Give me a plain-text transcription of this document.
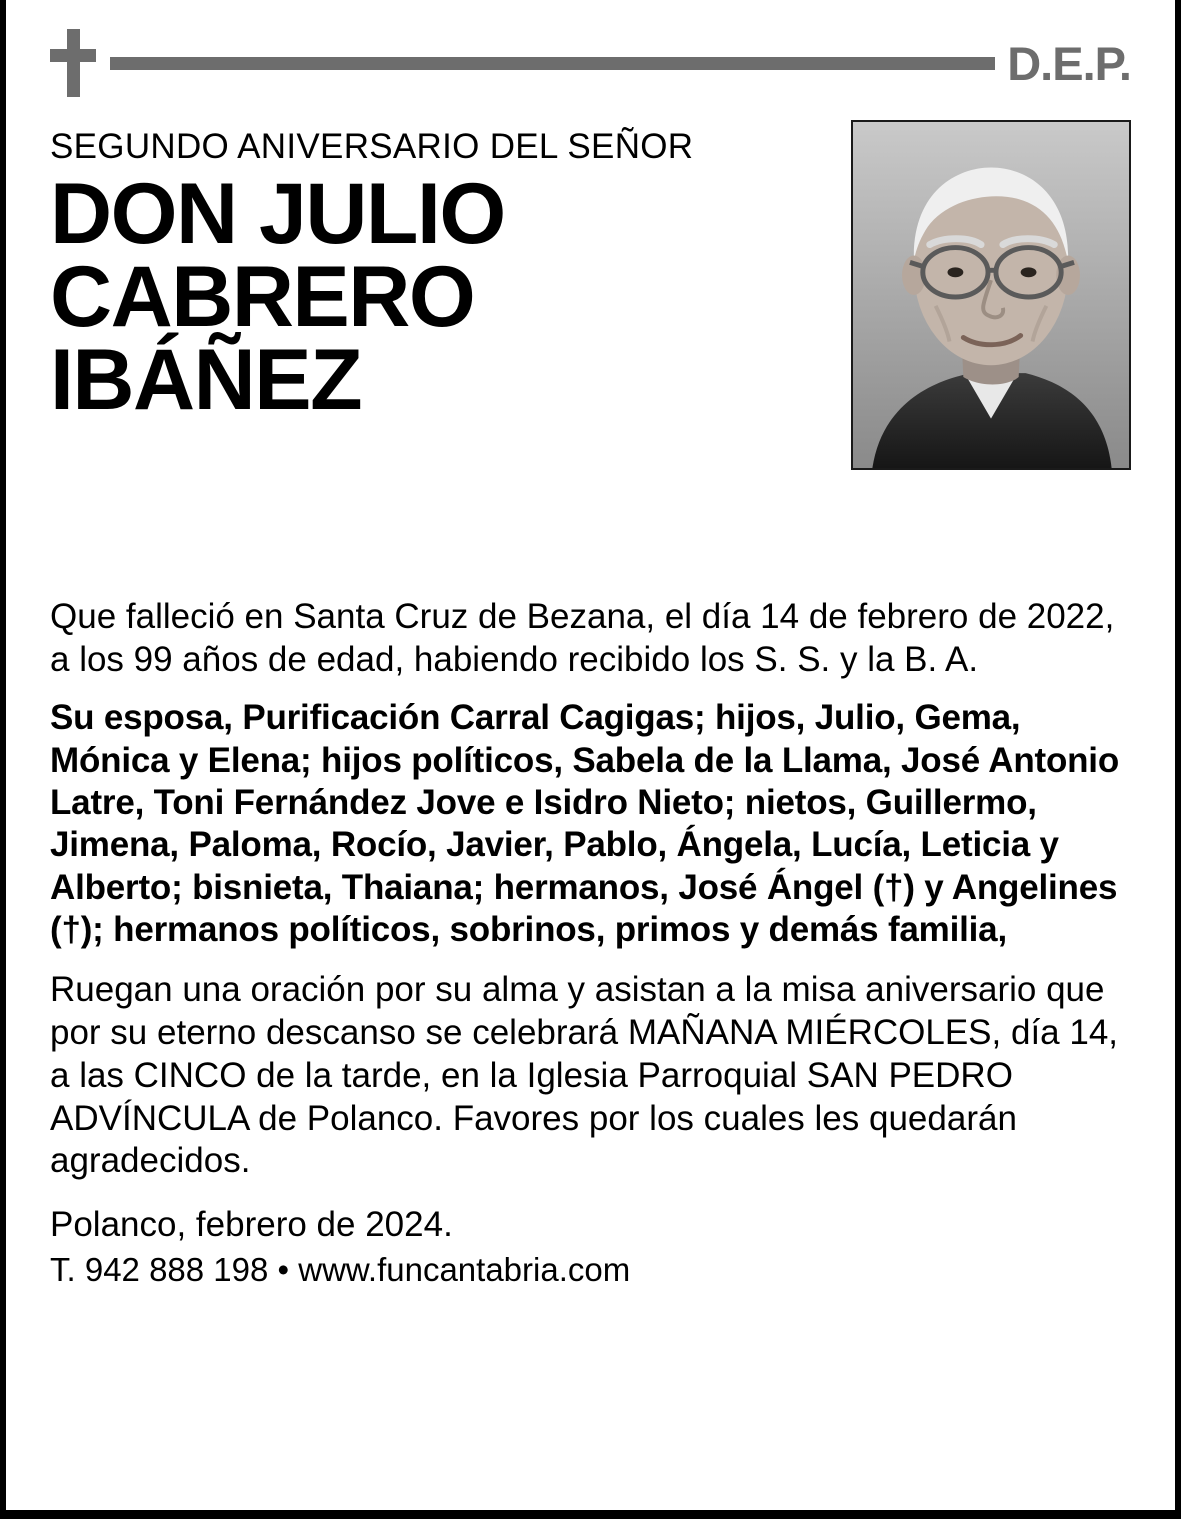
D.E.P.
SEGUNDO ANIVERSARIO DEL SEÑOR
DON JULIO
CABRERO
IBÁÑEZ

Que falleció en Santa Cruz de Bezana, el día 14 de febrero de 2022, a los 99 años de edad, habiendo recibido los S. S. y la B. A.

Su esposa, Purificación Carral Cagigas; hijos, Julio, Gema, Mónica y Elena; hijos políticos, Sabela de la Llama, José Antonio Latre, Toni Fernández Jove e Isidro Nieto; nietos, Guillermo, Jimena, Paloma, Rocío, Javier, Pablo, Ángela, Lucía, Leticia y Alberto; bisnieta, Thaiana; hermanos, José Ángel (†) y Angelines (†); hermanos políticos, sobrinos, primos y demás familia,

Ruegan una oración por su alma y asistan a la misa aniversario que por su eterno descanso se celebrará MAÑANA MIÉRCOLES, día 14, a las CINCO de la tarde, en la Iglesia Parroquial SAN PEDRO ADVÍNCULA de Polanco. Favores por los cuales les quedarán agradecidos.

Polanco, febrero de 2024.
T. 942 888 198 • www.funcantabria.com
